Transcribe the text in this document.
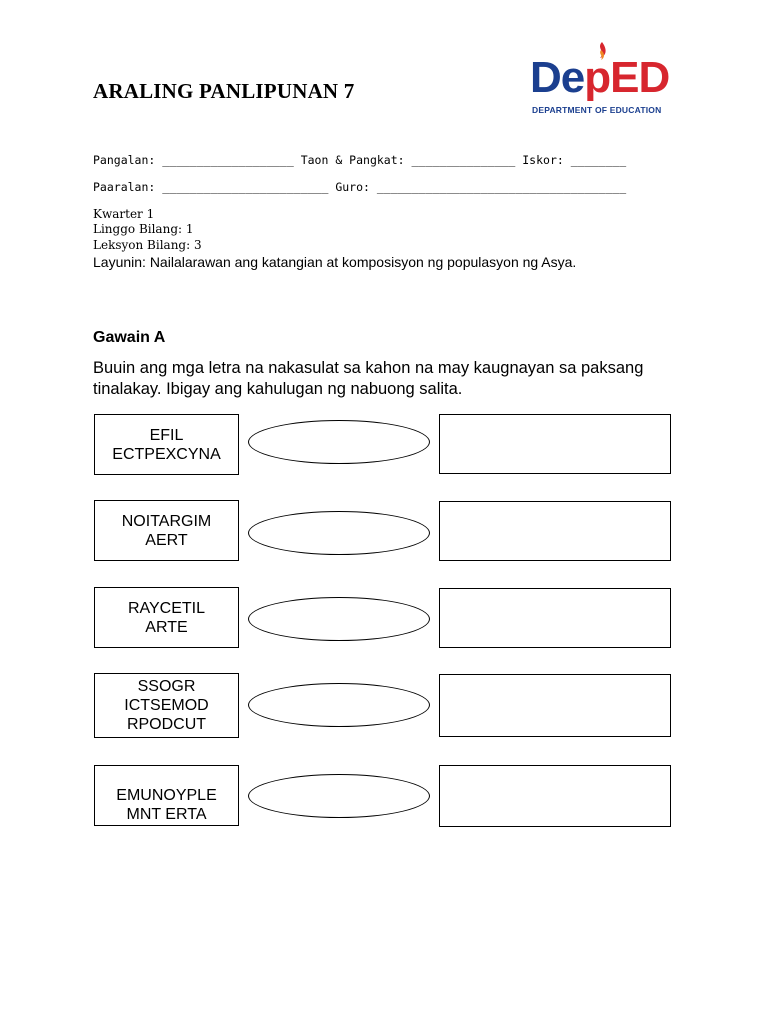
ARALING PANLIPUNAN 7	DepED
DEPARTMENT OF EDUCATION
Pangalan: ___________________ Taon & Pangkat: _______________ Iskor: ________
Paaralan: ________________________ Guro: ____________________________________
Kwarter 1
Linggo Bilang: 1
Leksyon Bilang: 3
Layunin: Nailalarawan ang katangian at komposisyon ng populasyon ng Asya.
Gawain A
Buuin ang mga letra na nakasulat sa kahon na may kaugnayan sa paksang tinalakay. Ibigay ang kahulugan ng nabuong salita.
EFIL
ECTPEXCYNA
NOITARGIM
AERT
RAYCETIL
ARTE
SSOGR
ICTSEMOD
RPODCUT
EMUNOYPLE
MNT ERTA
